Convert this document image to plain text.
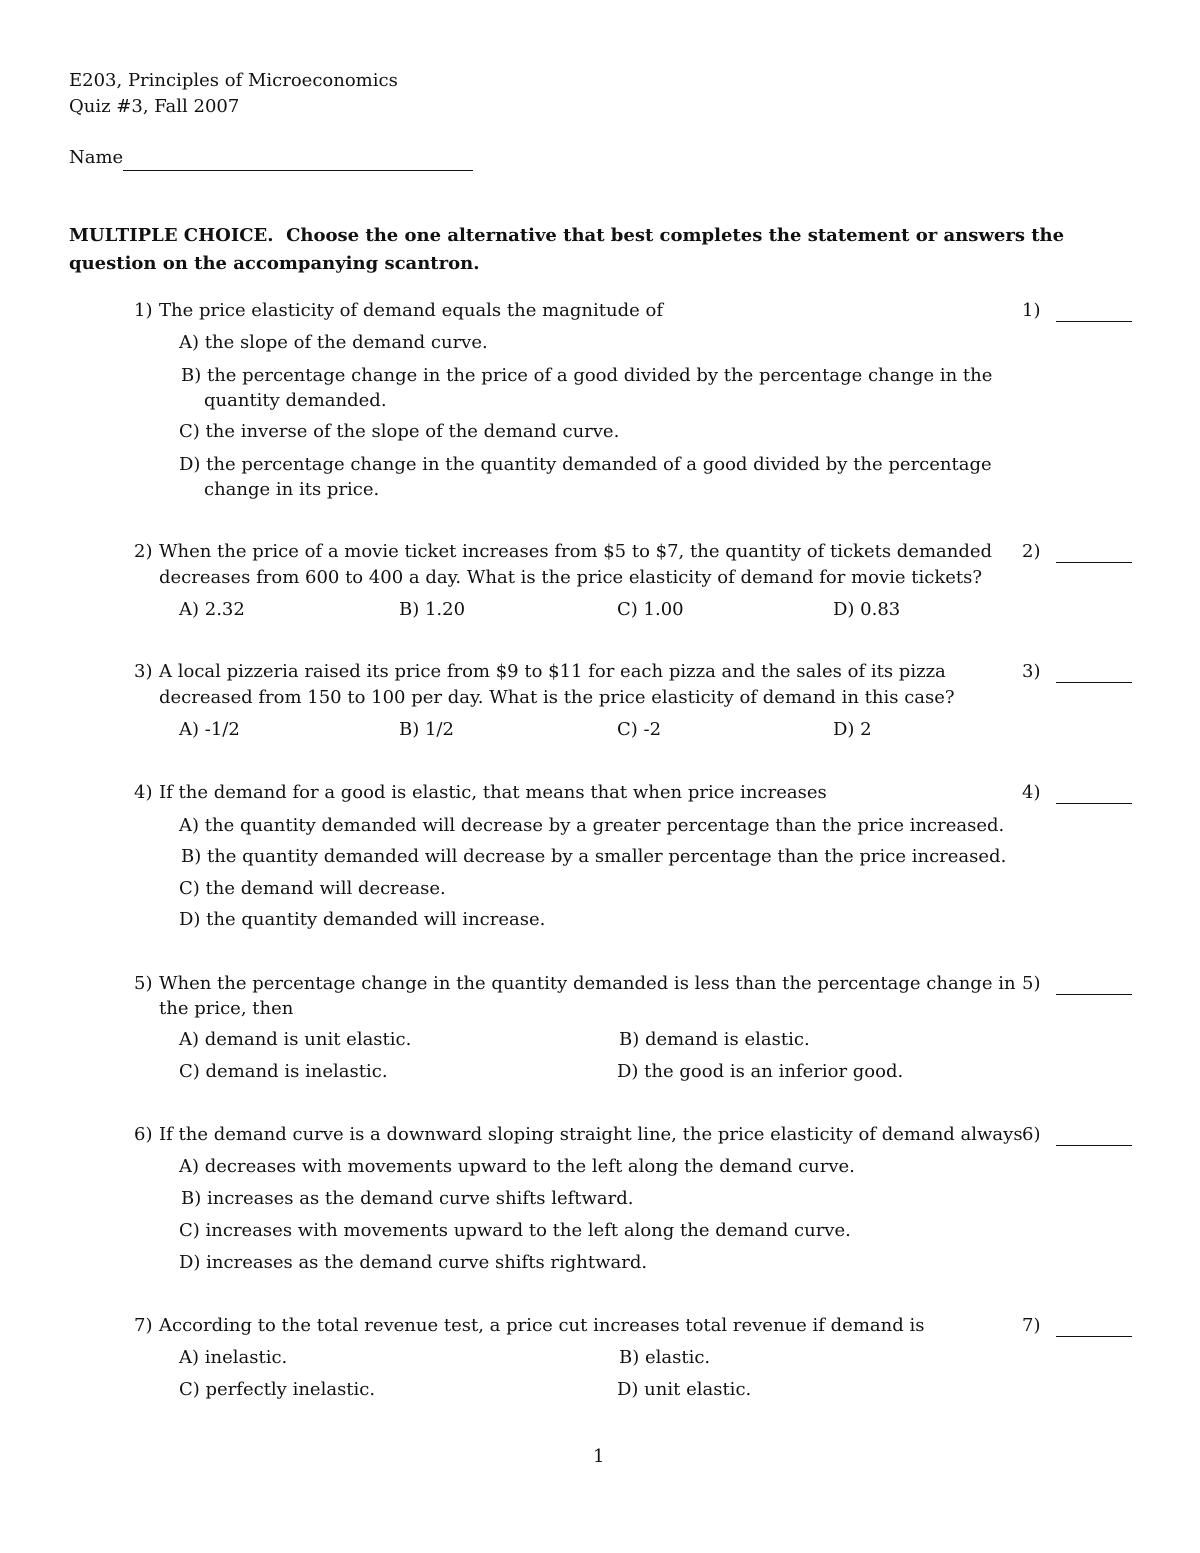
E203, Principles of Microeconomics
Quiz #3, Fall 2007
Name
MULTIPLE CHOICE. Choose the one alternative that best completes the statement or answers the question on the accompanying scantron.
1) The price elasticity of demand equals the magnitude of	1)
A) the slope of the demand curve.
B) the percentage change in the price of a good divided by the percentage change in the
quantity demanded.
C) the inverse of the slope of the demand curve.
D) the percentage change in the quantity demanded of a good divided by the percentage
change in its price.
2) When the price of a movie ticket increases from $5 to $7, the quantity of tickets demanded
decreases from 600 to 400 a day. What is the price elasticity of demand for movie tickets?
2)
A) 2.32	B) 1.20	C) 1.00	D) 0.83
3) A local pizzeria raised its price from $9 to $11 for each pizza and the sales of its pizza
decreased from 150 to 100 per day. What is the price elasticity of demand in this case?
3)
A) -1/2	B) 1/2	C) -2	D) 2
4) If the demand for a good is elastic, that means that when price increases	4)
A) the quantity demanded will decrease by a greater percentage than the price increased.
B) the quantity demanded will decrease by a smaller percentage than the price increased.
C) the demand will decrease.
D) the quantity demanded will increase.
5) When the percentage change in the quantity demanded is less than the percentage change in
the price, then
5)
A) demand is unit elastic.	B) demand is elastic.
C) demand is inelastic.	D) the good is an inferior good.
6) If the demand curve is a downward sloping straight line, the price elasticity of demand always 6)
A) decreases with movements upward to the left along the demand curve.
B) increases as the demand curve shifts leftward.
C) increases with movements upward to the left along the demand curve.
D) increases as the demand curve shifts rightward.
7) According to the total revenue test, a price cut increases total revenue if demand is	7)
A) inelastic.	B) elastic.
C) perfectly inelastic.	D) unit elastic.
1
